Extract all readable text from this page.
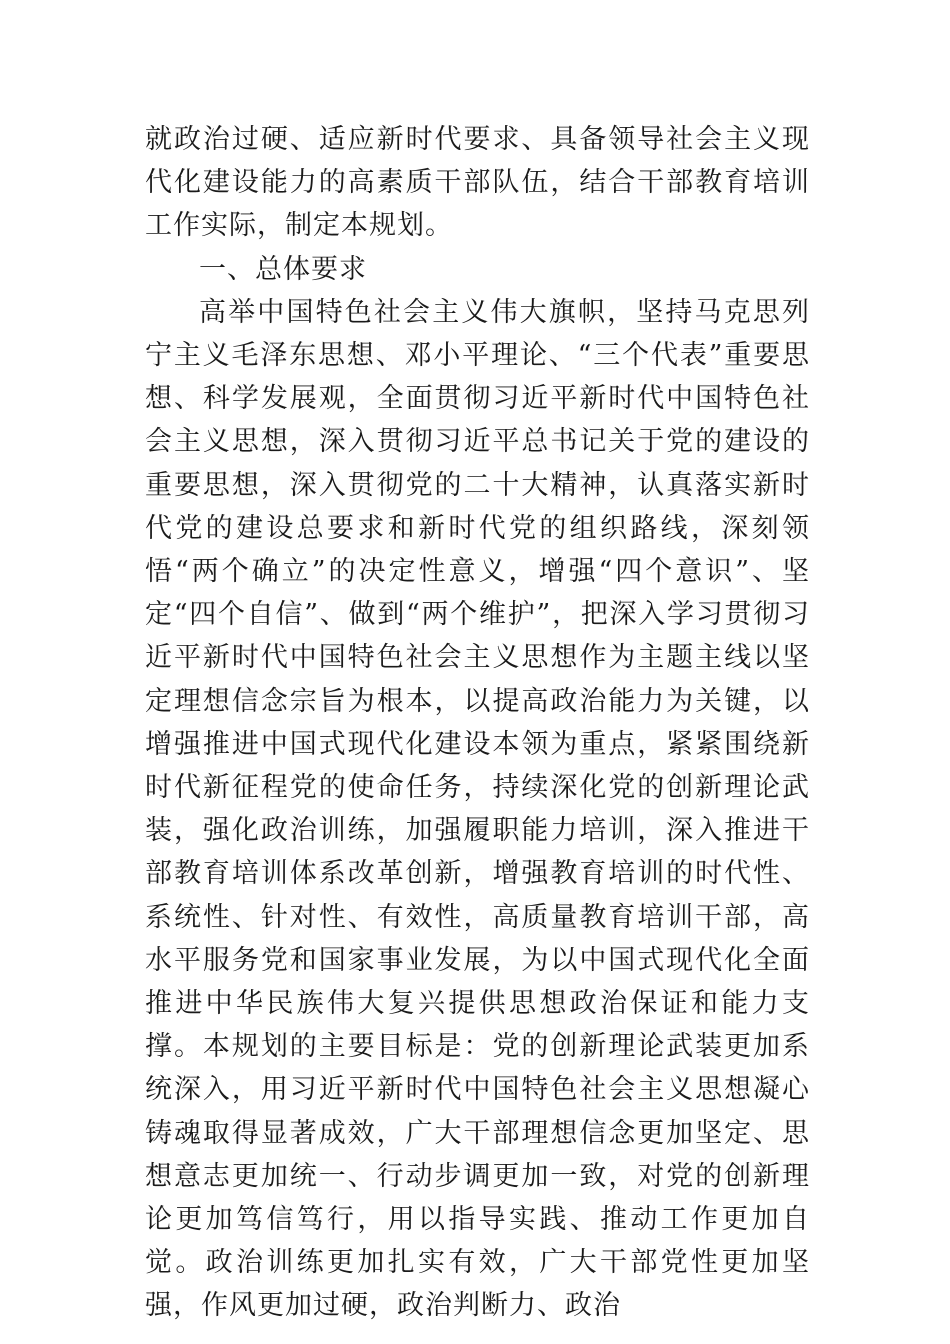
就政治过硬、适应新时代要求、具备领导社会主义现代化建设能力的高素质干部队伍，结合干部教育培训工作实际，制定本规划。

一、总体要求

高举中国特色社会主义伟大旗帜，坚持马克思列宁主义毛泽东思想、邓小平理论、“三个代表”重要思想、科学发展观，全面贯彻习近平新时代中国特色社会主义思想，深入贯彻习近平总书记关于党的建设的重要思想，深入贯彻党的二十大精神，认真落实新时代党的建设总要求和新时代党的组织路线，深刻领悟“两个确立”的决定性意义，增强“四个意识”、坚定“四个自信”、做到“两个维护”，把深入学习贯彻习近平新时代中国特色社会主义思想作为主题主线以坚定理想信念宗旨为根本，以提高政治能力为关键，以增强推进中国式现代化建设本领为重点，紧紧围绕新时代新征程党的使命任务，持续深化党的创新理论武装，强化政治训练，加强履职能力培训，深入推进干部教育培训体系改革创新，增强教育培训的时代性、系统性、针对性、有效性，高质量教育培训干部，高水平服务党和国家事业发展，为以中国式现代化全面推进中华民族伟大复兴提供思想政治保证和能力支撑。本规划的主要目标是：党的创新理论武装更加系统深入，用习近平新时代中国特色社会主义思想凝心铸魂取得显著成效，广大干部理想信念更加坚定、思想意志更加统一、行动步调更加一致，对党的创新理论更加笃信笃行，用以指导实践、推动工作更加自觉。政治训练更加扎实有效，广大干部党性更加坚强，作风更加过硬，政治判断力、政治
